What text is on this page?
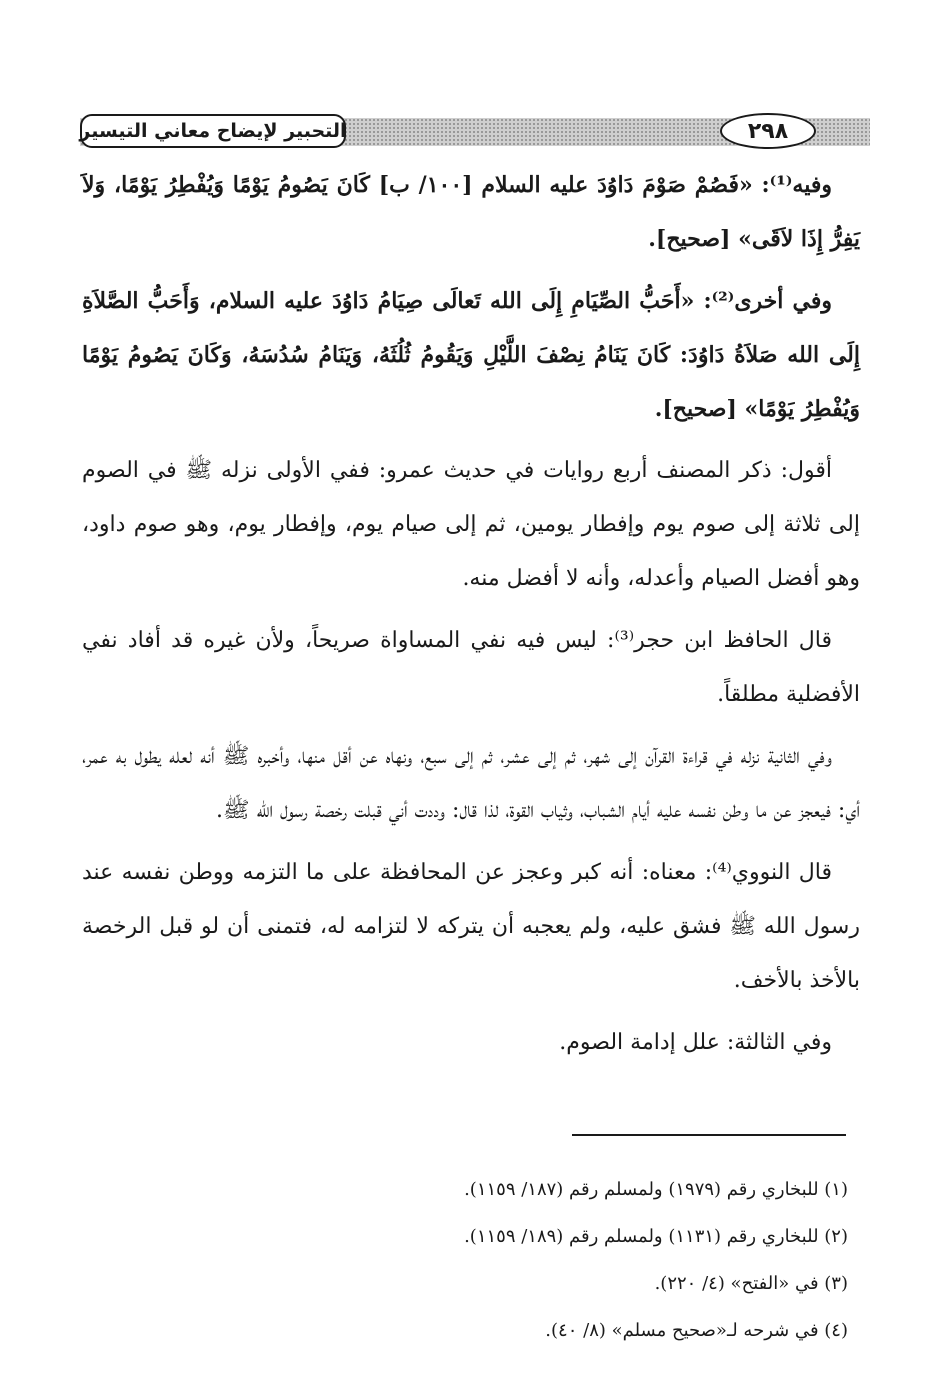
التحبير لإيضاح معاني التيسير	٢٩٨

وفيه⁽¹⁾: «فَصُمْ صَوْمَ دَاوُدَ عليه السلام [١٠٠/ ب] كَانَ يَصُومُ يَوْمًا وَيُفْطِرُ يَوْمًا، وَلاَ يَفِرُّ إِذَا لاَقَى» [صحيح].

وفي أخرى⁽²⁾: «أَحَبُّ الصِّيَامِ إِلَى الله تَعالَى صِيَامُ دَاوُدَ عليه السلام، وَأَحَبُّ الصَّلاَةِ إِلَى الله صَلاَةُ دَاوُدَ: كَانَ يَنَامُ نِصْفَ اللَّيْلِ وَيَقُومُ ثُلُثَهُ، وَيَنَامُ سُدُسَهُ، وَكَانَ يَصُومُ يَوْمًا وَيُفْطِرُ يَوْمًا» [صحيح].

أقول: ذكر المصنف أربع روايات في حديث عمرو: ففي الأولى نزله ﷺ في الصوم إلى ثلاثة إلى صوم يوم وإفطار يومين، ثم إلى صيام يوم، وإفطار يوم، وهو صوم داود، وهو أفضل الصيام وأعدله، وأنه لا أفضل منه.

قال الحافظ ابن حجر⁽³⁾: ليس فيه نفي المساواة صريحاً، ولأن غيره قد أفاد نفي الأفضلية مطلقاً.

وفي الثانية نزله في قراءة القرآن إلى شهر، ثم إلى عشر، ثم إلى سبع، ونهاه عن أقل منها، وأخبره ﷺ أنه لعله يطول به عمر، أي: فيعجز عن ما وطن نفسه عليه أيام الشباب، وثياب القوة، لذا قال: وددت أني قبلت رخصة رسول الله ﷺ.

قال النووي⁽⁴⁾: معناه: أنه كبر وعجز عن المحافظة على ما التزمه ووطن نفسه عند رسول الله ﷺ فشق عليه، ولم يعجبه أن يتركه لا لتزامه له، فتمنى أن لو قبل الرخصة بالأخذ بالأخف.

وفي الثالثة: علل إدامة الصوم.

(١) للبخاري رقم (١٩٧٩) ولمسلم رقم (١٨٧/ ١١٥٩).
(٢) للبخاري رقم (١١٣١) ولمسلم رقم (١٨٩/ ١١٥٩).
(٣) في «الفتح» (٤/ ٢٢٠).
(٤) في شرحه لـ«صحيح مسلم» (٨/ ٤٠).
